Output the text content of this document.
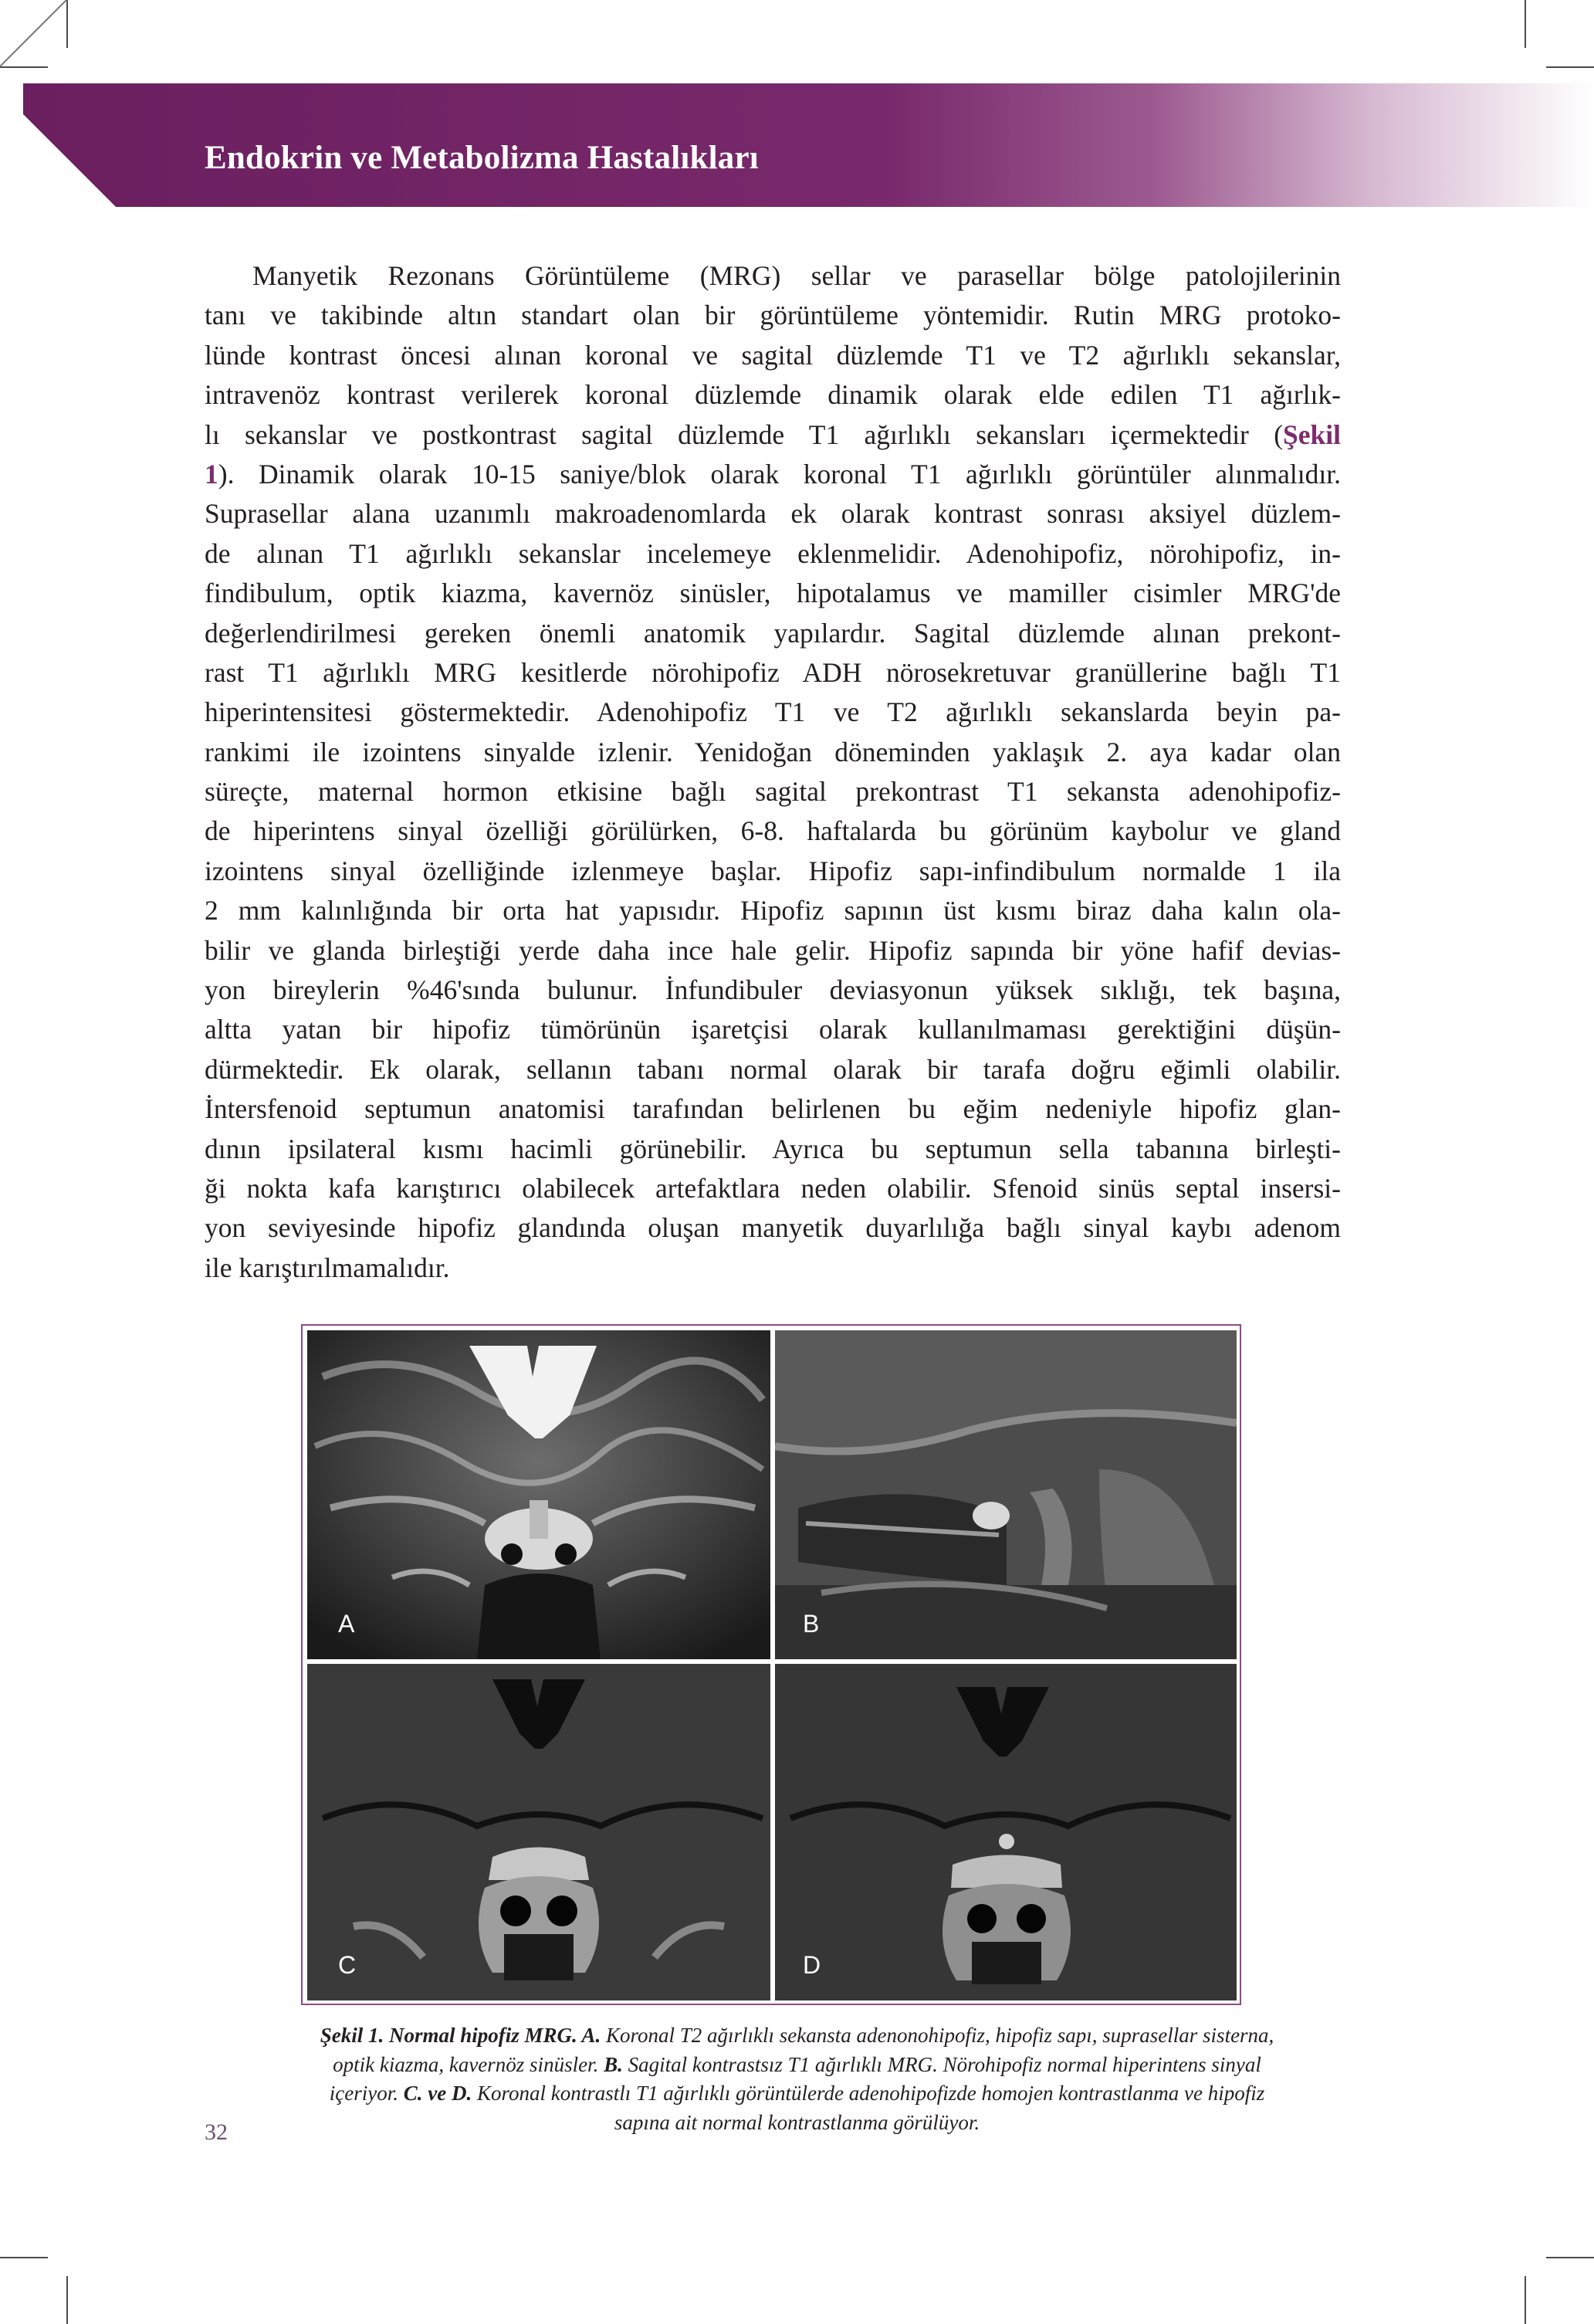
Endokrin ve Metabolizma Hastalıkları
Manyetik Rezonans Görüntüleme (MRG) sellar ve parasellar bölge patolojilerinin
tanı ve takibinde altın standart olan bir görüntüleme yöntemidir. Rutin MRG protoko-
lünde kontrast öncesi alınan koronal ve sagital düzlemde T1 ve T2 ağırlıklı sekanslar,
intravenöz kontrast verilerek koronal düzlemde dinamik olarak elde edilen T1 ağırlık-
lı sekanslar ve postkontrast sagital düzlemde T1 ağırlıklı sekansları içermektedir (Şekil
1). Dinamik olarak 10-15 saniye/blok olarak koronal T1 ağırlıklı görüntüler alınmalıdır.
Suprasellar alana uzanımlı makroadenomlarda ek olarak kontrast sonrası aksiyel düzlem-
de alınan T1 ağırlıklı sekanslar incelemeye eklenmelidir. Adenohipofiz, nörohipofiz, in-
findibulum, optik kiazma, kavernöz sinüsler, hipotalamus ve mamiller cisimler MRG'de
değerlendirilmesi gereken önemli anatomik yapılardır. Sagital düzlemde alınan prekont-
rast T1 ağırlıklı MRG kesitlerde nörohipofiz ADH nörosekretuvar granüllerine bağlı T1
hiperintensitesi göstermektedir. Adenohipofiz T1 ve T2 ağırlıklı sekanslarda beyin pa-
rankimi ile izointens sinyalde izlenir. Yenidoğan döneminden yaklaşık 2. aya kadar olan
süreçte, maternal hormon etkisine bağlı sagital prekontrast T1 sekansta adenohipofiz-
de hiperintens sinyal özelliği görülürken, 6-8. haftalarda bu görünüm kaybolur ve gland
izointens sinyal özelliğinde izlenmeye başlar. Hipofiz sapı-infindibulum normalde 1 ila
2 mm kalınlığında bir orta hat yapısıdır. Hipofiz sapının üst kısmı biraz daha kalın ola-
bilir ve glanda birleştiği yerde daha ince hale gelir. Hipofiz sapında bir yöne hafif devias-
yon bireylerin %46'sında bulunur. İnfundibuler deviasyonun yüksek sıklığı, tek başına,
altta yatan bir hipofiz tümörünün işaretçisi olarak kullanılmaması gerektiğini düşün-
dürmektedir. Ek olarak, sellanın tabanı normal olarak bir tarafa doğru eğimli olabilir.
İntersfenoid septumun anatomisi tarafından belirlenen bu eğim nedeniyle hipofiz glan-
dının ipsilateral kısmı hacimli görünebilir. Ayrıca bu septumun sella tabanına birleşti-
ği nokta kafa karıştırıcı olabilecek artefaktlara neden olabilir. Sfenoid sinüs septal insersi-
yon seviyesinde hipofiz glandında oluşan manyetik duyarlılığa bağlı sinyal kaybı adenom
ile karıştırılmamalıdır.
A	B
C	D
Şekil 1. Normal hipofiz MRG. A. Koronal T2 ağırlıklı sekansta adenonohipofiz, hipofiz sapı, suprasellar sisterna,
optik kiazma, kavernöz sinüsler. B. Sagital kontrastsız T1 ağırlıklı MRG. Nörohipofiz normal hiperintens sinyal
içeriyor. C. ve D. Koronal kontrastlı T1 ağırlıklı görüntülerde adenohipofizde homojen kontrastlanma ve hipofiz
sapına ait normal kontrastlanma görülüyor.
32
